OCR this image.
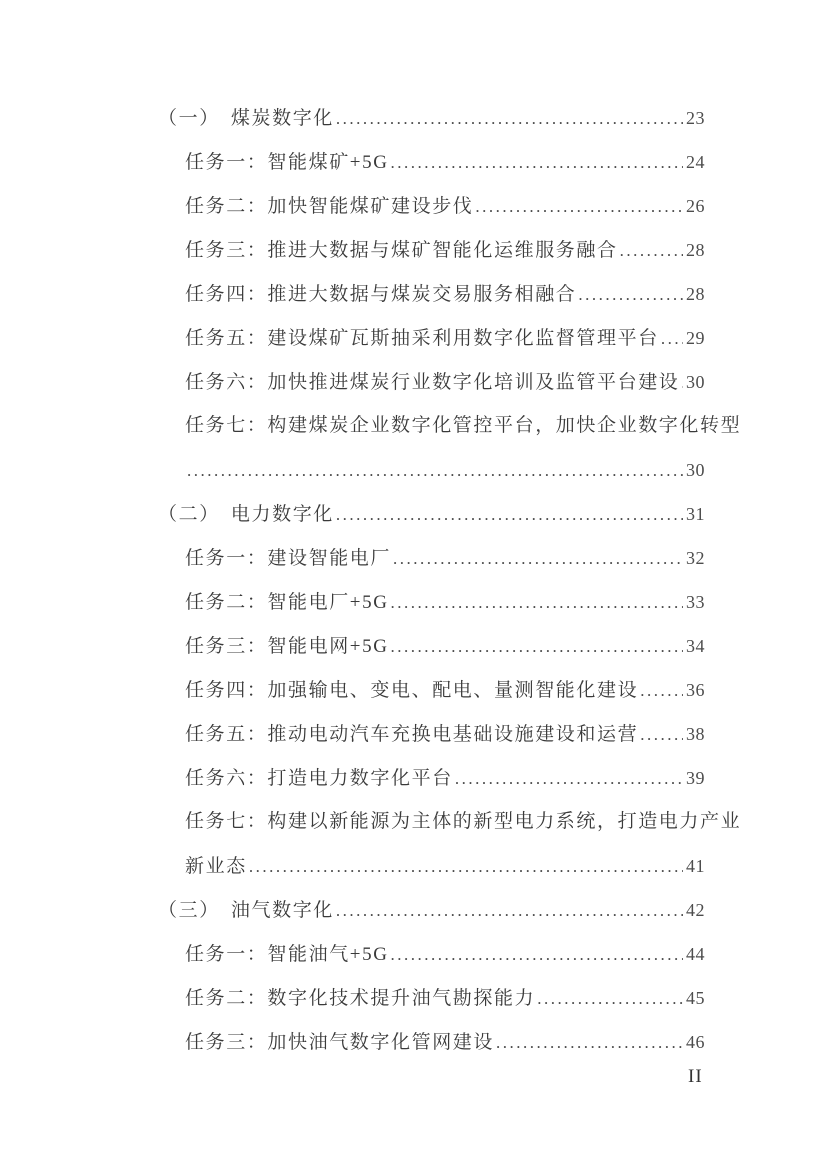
（一）　煤炭数字化 .....	23
任务一：智能煤矿+5G .....	24
任务二：加快智能煤矿建设步伐 .....	26
任务三：推进大数据与煤矿智能化运维服务融合 .....	28
任务四：推进大数据与煤炭交易服务相融合 .....	28
任务五：建设煤矿瓦斯抽采利用数字化监督管理平台 ..... 29
任务六：加快推进煤炭行业数字化培训及监管平台建设 ..... 30
任务七：构建煤炭企业数字化管控平台，加快企业数字化转型
.....
30
（二）　电力数字化 .....	31
任务一：建设智能电厂 .....	32
任务二：智能电厂+5G .....	33
任务三：智能电网+5G .....	34
任务四：加强输电、变电、配电、量测智能化建设 .....	36
任务五：推动电动汽车充换电基础设施建设和运营 .....	38
任务六：打造电力数字化平台 .....	39
任务七：构建以新能源为主体的新型电力系统，打造电力产业
新业态 .....	41
（三）　油气数字化 .....	42
任务一：智能油气+5G .....	44
任务二：数字化技术提升油气勘探能力 .....	45
任务三：加快油气数字化管网建设 .....	46
II
